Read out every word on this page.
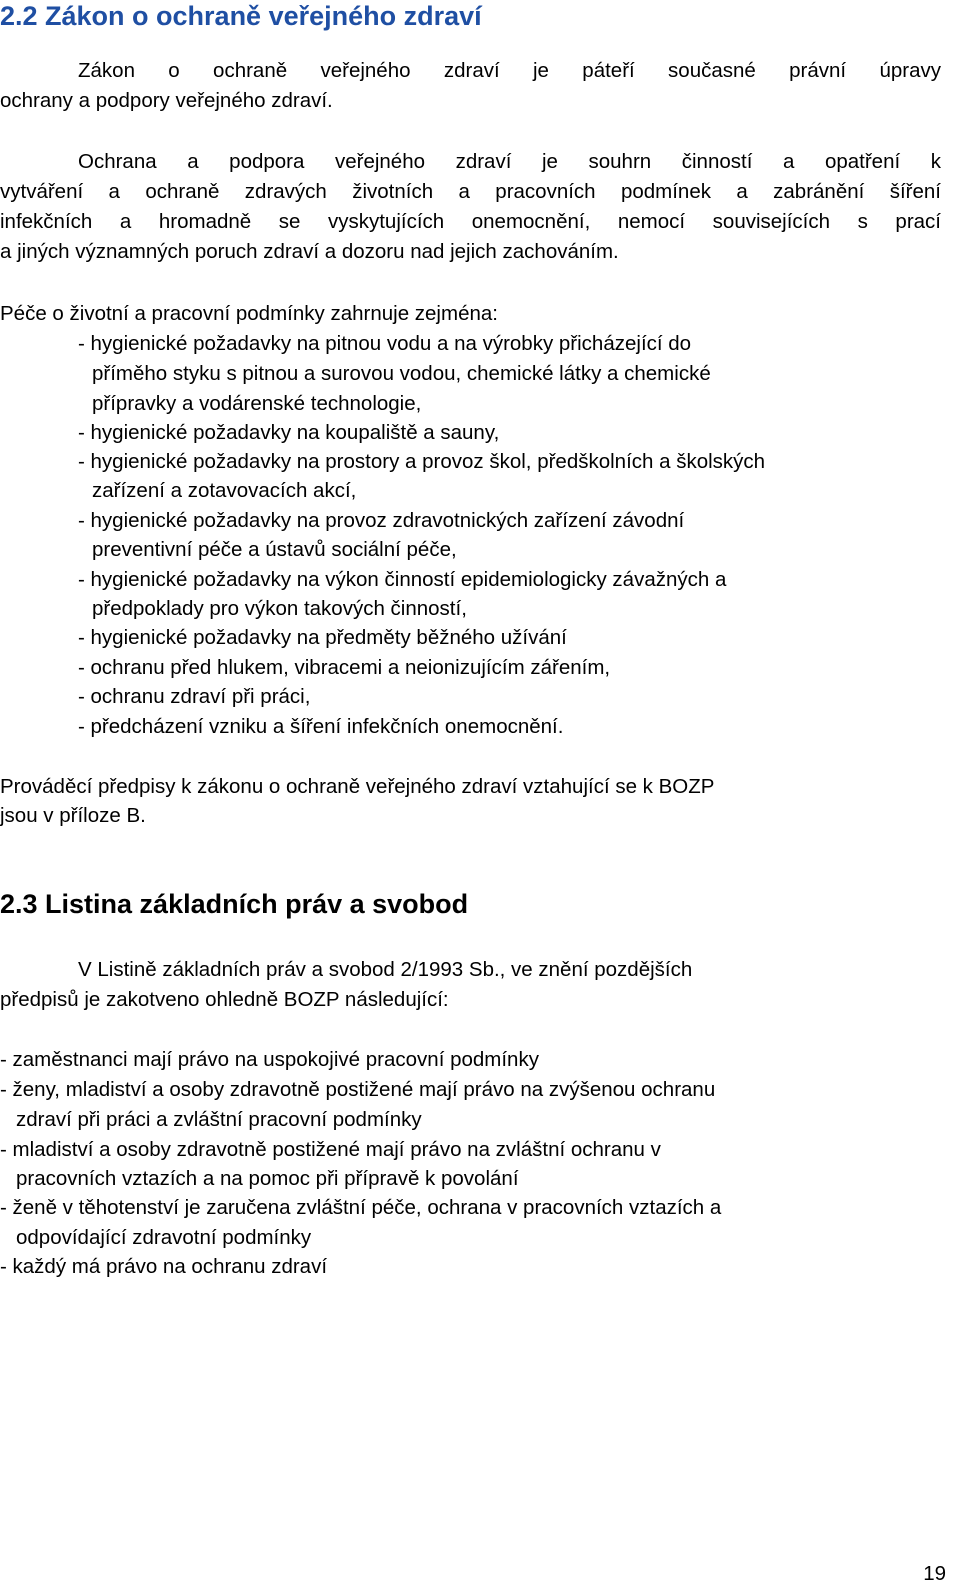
2.2 Zákon o ochraně veřejného zdraví
Zákon o ochraně veřejného zdraví je páteří současné právní úpravy
ochrany a podpory veřejného zdraví.
Ochrana a podpora veřejného zdraví je souhrn činností a opatření k
vytváření a ochraně zdravých životních a pracovních podmínek a zabránění šíření
infekčních a hromadně se vyskytujících onemocnění, nemocí souvisejících s prací
a jiných významných poruch zdraví a dozoru nad jejich zachováním.
Péče o životní a pracovní podmínky zahrnuje zejména:
- hygienické požadavky na pitnou vodu a na výrobky přicházející do
příměho styku s pitnou a surovou vodou, chemické látky a chemické
přípravky a vodárenské technologie,
- hygienické požadavky na koupaliště a sauny,
- hygienické požadavky na prostory a provoz škol, předškolních a školských
zařízení a zotavovacích akcí,
- hygienické požadavky na provoz zdravotnických zařízení závodní
preventivní péče a ústavů sociální péče,
- hygienické požadavky na výkon činností epidemiologicky závažných a
předpoklady pro výkon takových činností,
- hygienické požadavky na předměty běžného užívání
- ochranu před hlukem, vibracemi a neionizujícím zářením,
- ochranu zdraví při práci,
- předcházení vzniku a šíření infekčních onemocnění.
Prováděcí předpisy k zákonu o ochraně veřejného zdraví vztahující se k BOZP
jsou v příloze B.
2.3 Listina základních práv a svobod
V Listině základních práv a svobod 2/1993 Sb., ve znění pozdějších
předpisů je zakotveno ohledně BOZP následující:
- zaměstnanci mají právo na uspokojivé pracovní podmínky
- ženy, mladiství a osoby zdravotně postižené mají právo na zvýšenou ochranu
zdraví při práci a zvláštní pracovní podmínky
- mladiství a osoby zdravotně postižené mají právo na zvláštní ochranu v
pracovních vztazích a na pomoc při přípravě k povolání
- ženě v těhotenství je zaručena zvláštní péče, ochrana v pracovních vztazích a
odpovídající zdravotní podmínky
- každý má právo na ochranu zdraví
19
